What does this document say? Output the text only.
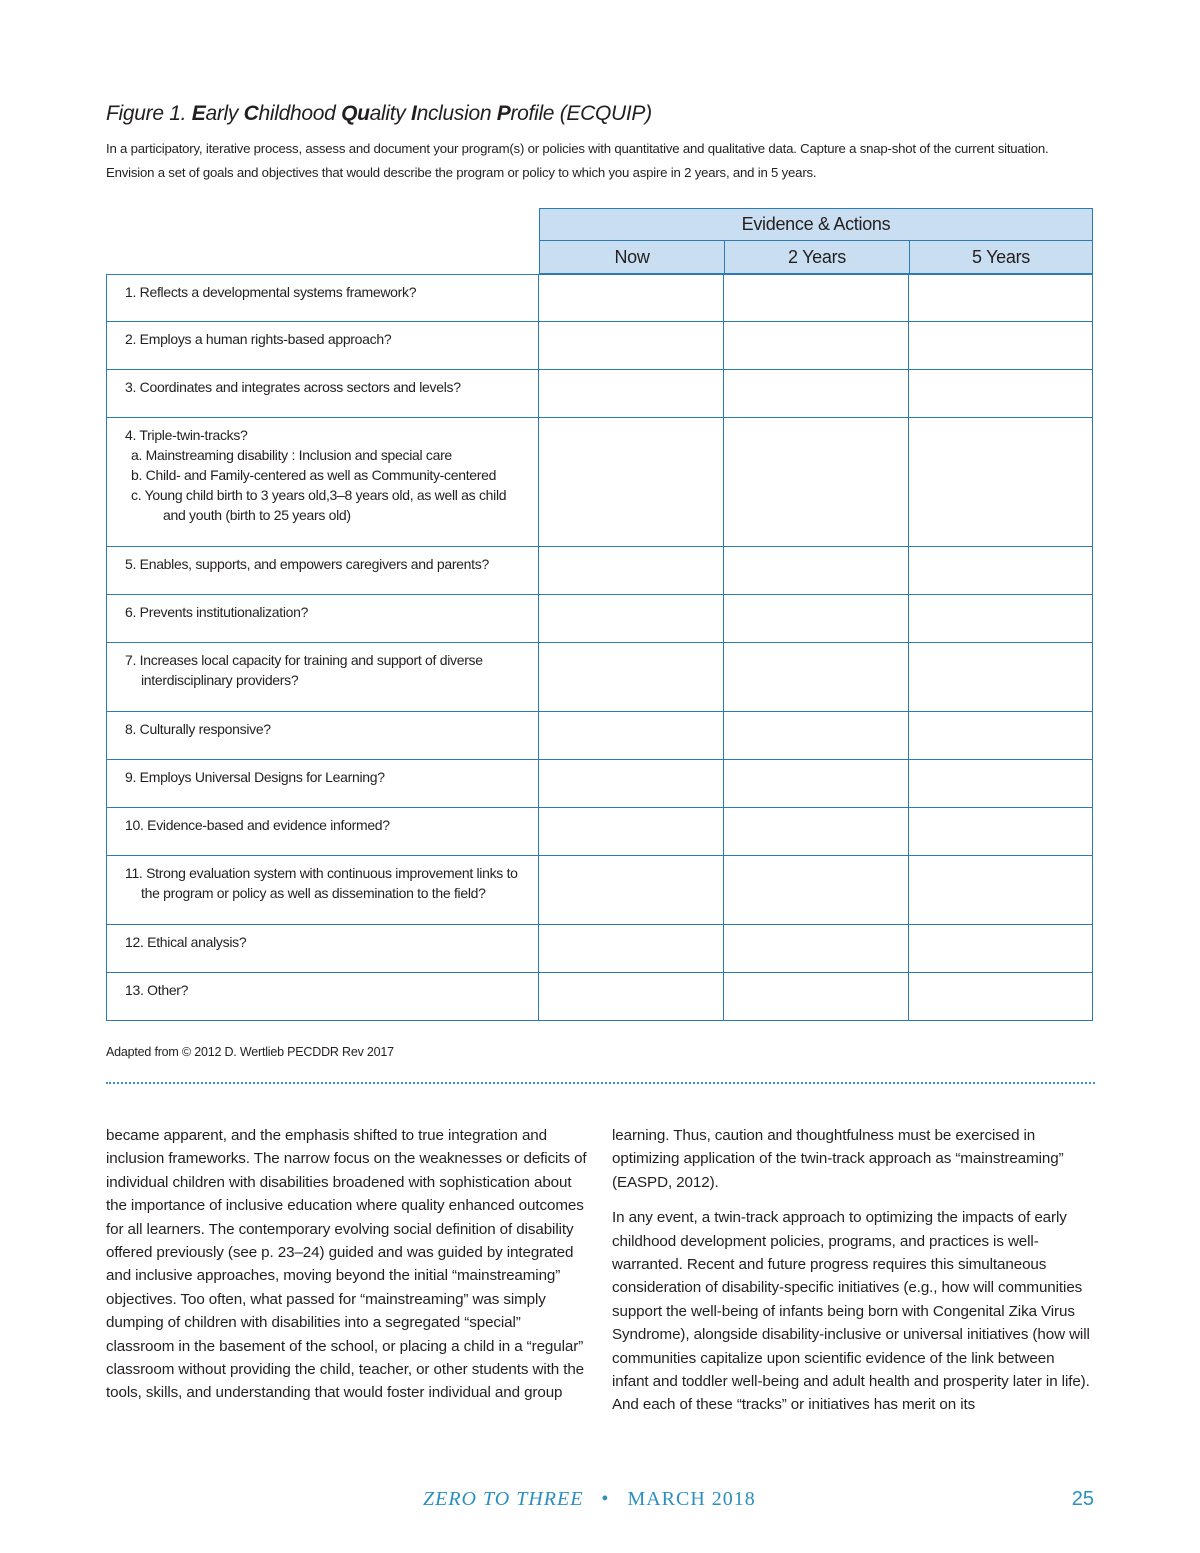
Figure 1. Early Childhood Quality Inclusion Profile (ECQUIP)

In a participatory, iterative process, assess and document your program(s) or policies with quantitative and qualitative data. Capture a snap-shot of the current situation. Envision a set of goals and objectives that would describe the program or policy to which you aspire in 2 years, and in 5 years.

Evidence & Actions
Now	2 Years	5 Years
1. Reflects a developmental systems framework?
2. Employs a human rights-based approach?
3. Coordinates and integrates across sectors and levels?
4. Triple-twin-tracks?
a. Mainstreaming disability : Inclusion and special care
b. Child- and Family-centered as well as Community-centered
c. Young child birth to 3 years old,3–8 years old, as well as child
and youth (birth to 25 years old)
5. Enables, supports, and empowers caregivers and parents?
6. Prevents institutionalization?
7. Increases local capacity for training and support of diverse
interdisciplinary providers?
8. Culturally responsive?
9. Employs Universal Designs for Learning?
10. Evidence-based and evidence informed?
11. Strong evaluation system with continuous improvement links to
the program or policy as well as dissemination to the field?
12. Ethical analysis?
13. Other?

Adapted from © 2012 D. Wertlieb PECDDR Rev 2017

became apparent, and the emphasis shifted to true integration and inclusion frameworks. The narrow focus on the weaknesses or deficits of individual children with disabilities broadened with sophistication about the importance of inclusive education where quality enhanced outcomes for all learners. The contemporary evolving social definition of disability offered previously (see p. 23–24) guided and was guided by integrated and inclusive approaches, moving beyond the initial “mainstreaming” objectives. Too often, what passed for “mainstreaming” was simply dumping of children with disabilities into a segregated “special” classroom in the basement of the school, or placing a child in a “regular” classroom without providing the child, teacher, or other students with the tools, skills, and understanding that would foster individual and group

learning. Thus, caution and thoughtfulness must be exercised in optimizing application of the twin-track approach as “mainstreaming” (EASPD, 2012).

In any event, a twin-track approach to optimizing the impacts of early childhood development policies, programs, and practices is well-warranted. Recent and future progress requires this simultaneous consideration of disability-specific initiatives (e.g., how will communities support the well-being of infants being born with Congenital Zika Virus Syndrome), alongside disability-inclusive or universal initiatives (how will communities capitalize upon scientific evidence of the link between infant and toddler well-being and adult health and prosperity later in life). And each of these “tracks” or initiatives has merit on its

ZERO TO THREE • MARCH 2018	25
